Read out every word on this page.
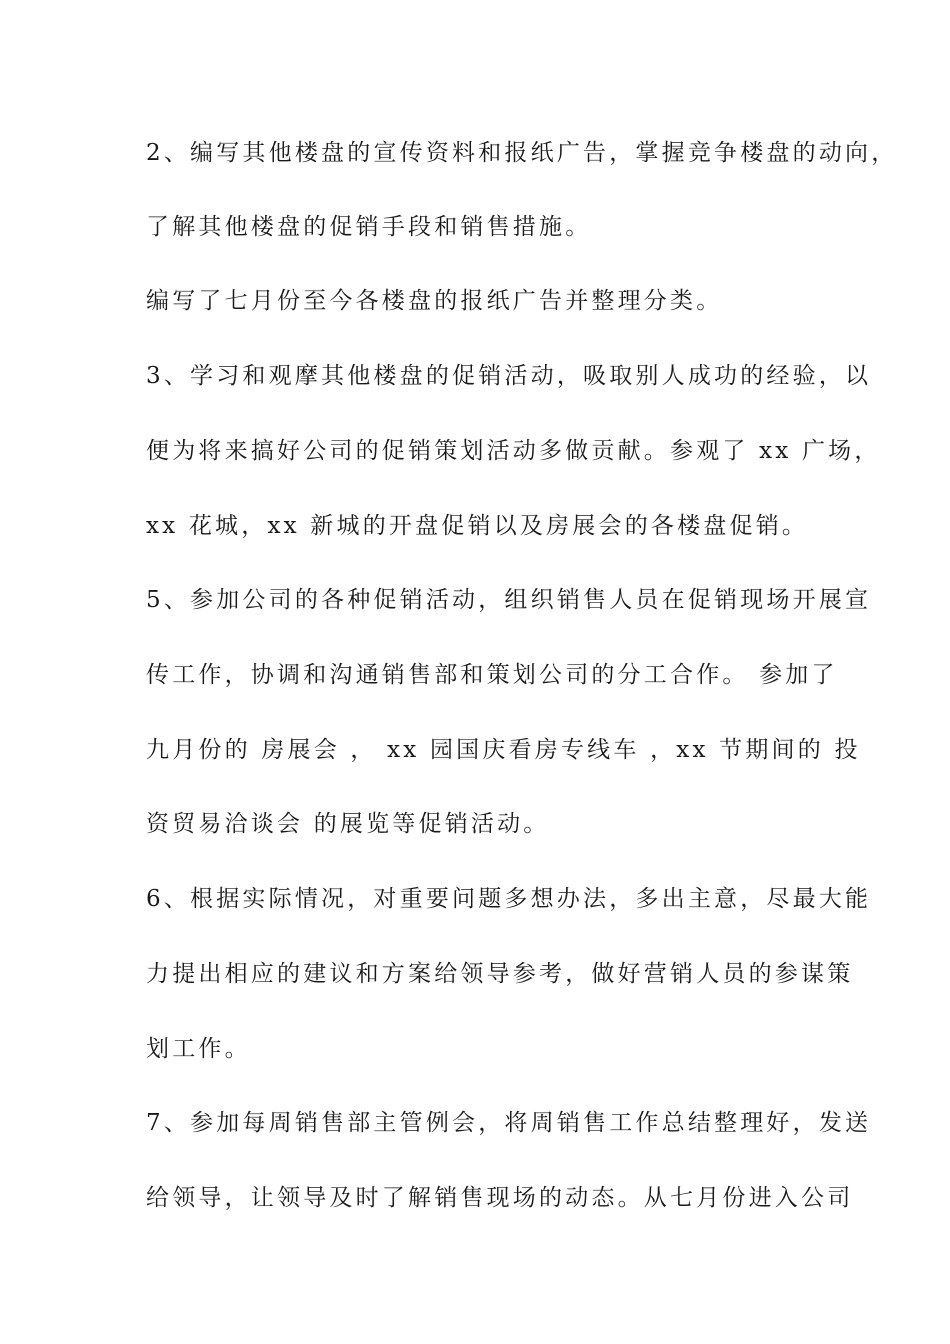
2、编写其他楼盘的宣传资料和报纸广告，掌握竞争楼盘的动向，
了解其他楼盘的促销手段和销售措施。
编写了七月份至今各楼盘的报纸广告并整理分类。
3、学习和观摩其他楼盘的促销活动，吸取别人成功的经验，以
便为将来搞好公司的促销策划活动多做贡献。参观了 xx 广场，
xx 花城，xx 新城的开盘促销以及房展会的各楼盘促销。
5、参加公司的各种促销活动，组织销售人员在促销现场开展宣
传工作，协调和沟通销售部和策划公司的分工合作。 参加了
九月份的 房展会 ， xx 园国庆看房专线车 ，xx 节期间的 投
资贸易洽谈会 的展览等促销活动。
6、根据实际情况，对重要问题多想办法，多出主意，尽最大能
力提出相应的建议和方案给领导参考，做好营销人员的参谋策
划工作。
7、参加每周销售部主管例会，将周销售工作总结整理好，发送
给领导，让领导及时了解销售现场的动态。从七月份进入公司
